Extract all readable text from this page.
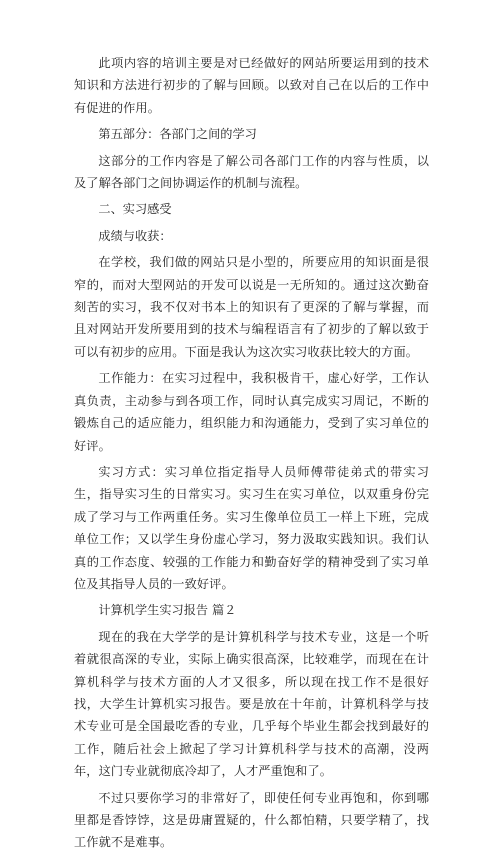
此项内容的培训主要是对已经做好的网站所要运用到的技术知识和方法进行初步的了解与回顾。以致对自己在以后的工作中有促进的作用。

第五部分：各部门之间的学习

这部分的工作内容是了解公司各部门工作的内容与性质，以及了解各部门之间协调运作的机制与流程。

二、实习感受

成绩与收获：

在学校，我们做的网站只是小型的，所要应用的知识面是很窄的，而对大型网站的开发可以说是一无所知的。通过这次勤奋刻苦的实习，我不仅对书本上的知识有了更深的了解与掌握，而且对网站开发所要用到的技术与编程语言有了初步的了解以致于可以有初步的应用。下面是我认为这次实习收获比较大的方面。

工作能力：在实习过程中，我积极肯干，虚心好学，工作认真负责，主动参与到各项工作，同时认真完成实习周记，不断的锻炼自己的适应能力，组织能力和沟通能力，受到了实习单位的好评。

实习方式：实习单位指定指导人员师傅带徒弟式的带实习生，指导实习生的日常实习。实习生在实习单位，以双重身份完成了学习与工作两重任务。实习生像单位员工一样上下班，完成单位工作；又以学生身份虚心学习，努力汲取实践知识。我们认真的工作态度、较强的工作能力和勤奋好学的精神受到了实习单位及其指导人员的一致好评。

计算机学生实习报告 篇２

现在的我在大学学的是计算机科学与技术专业，这是一个听着就很高深的专业，实际上确实很高深，比较难学，而现在在计算机科学与技术方面的人才又很多，所以现在找工作不是很好找，大学生计算机实习报告。要是放在十年前，计算机科学与技术专业可是全国最吃香的专业，几乎每个毕业生都会找到最好的工作，随后社会上掀起了学习计算机科学与技术的高潮，没两年，这门专业就彻底冷却了，人才严重饱和了。

不过只要你学习的非常好了，即使任何专业再饱和，你到哪里都是香饽饽，这是毋庸置疑的，什么都怕精，只要学精了，找工作就不是难事。
